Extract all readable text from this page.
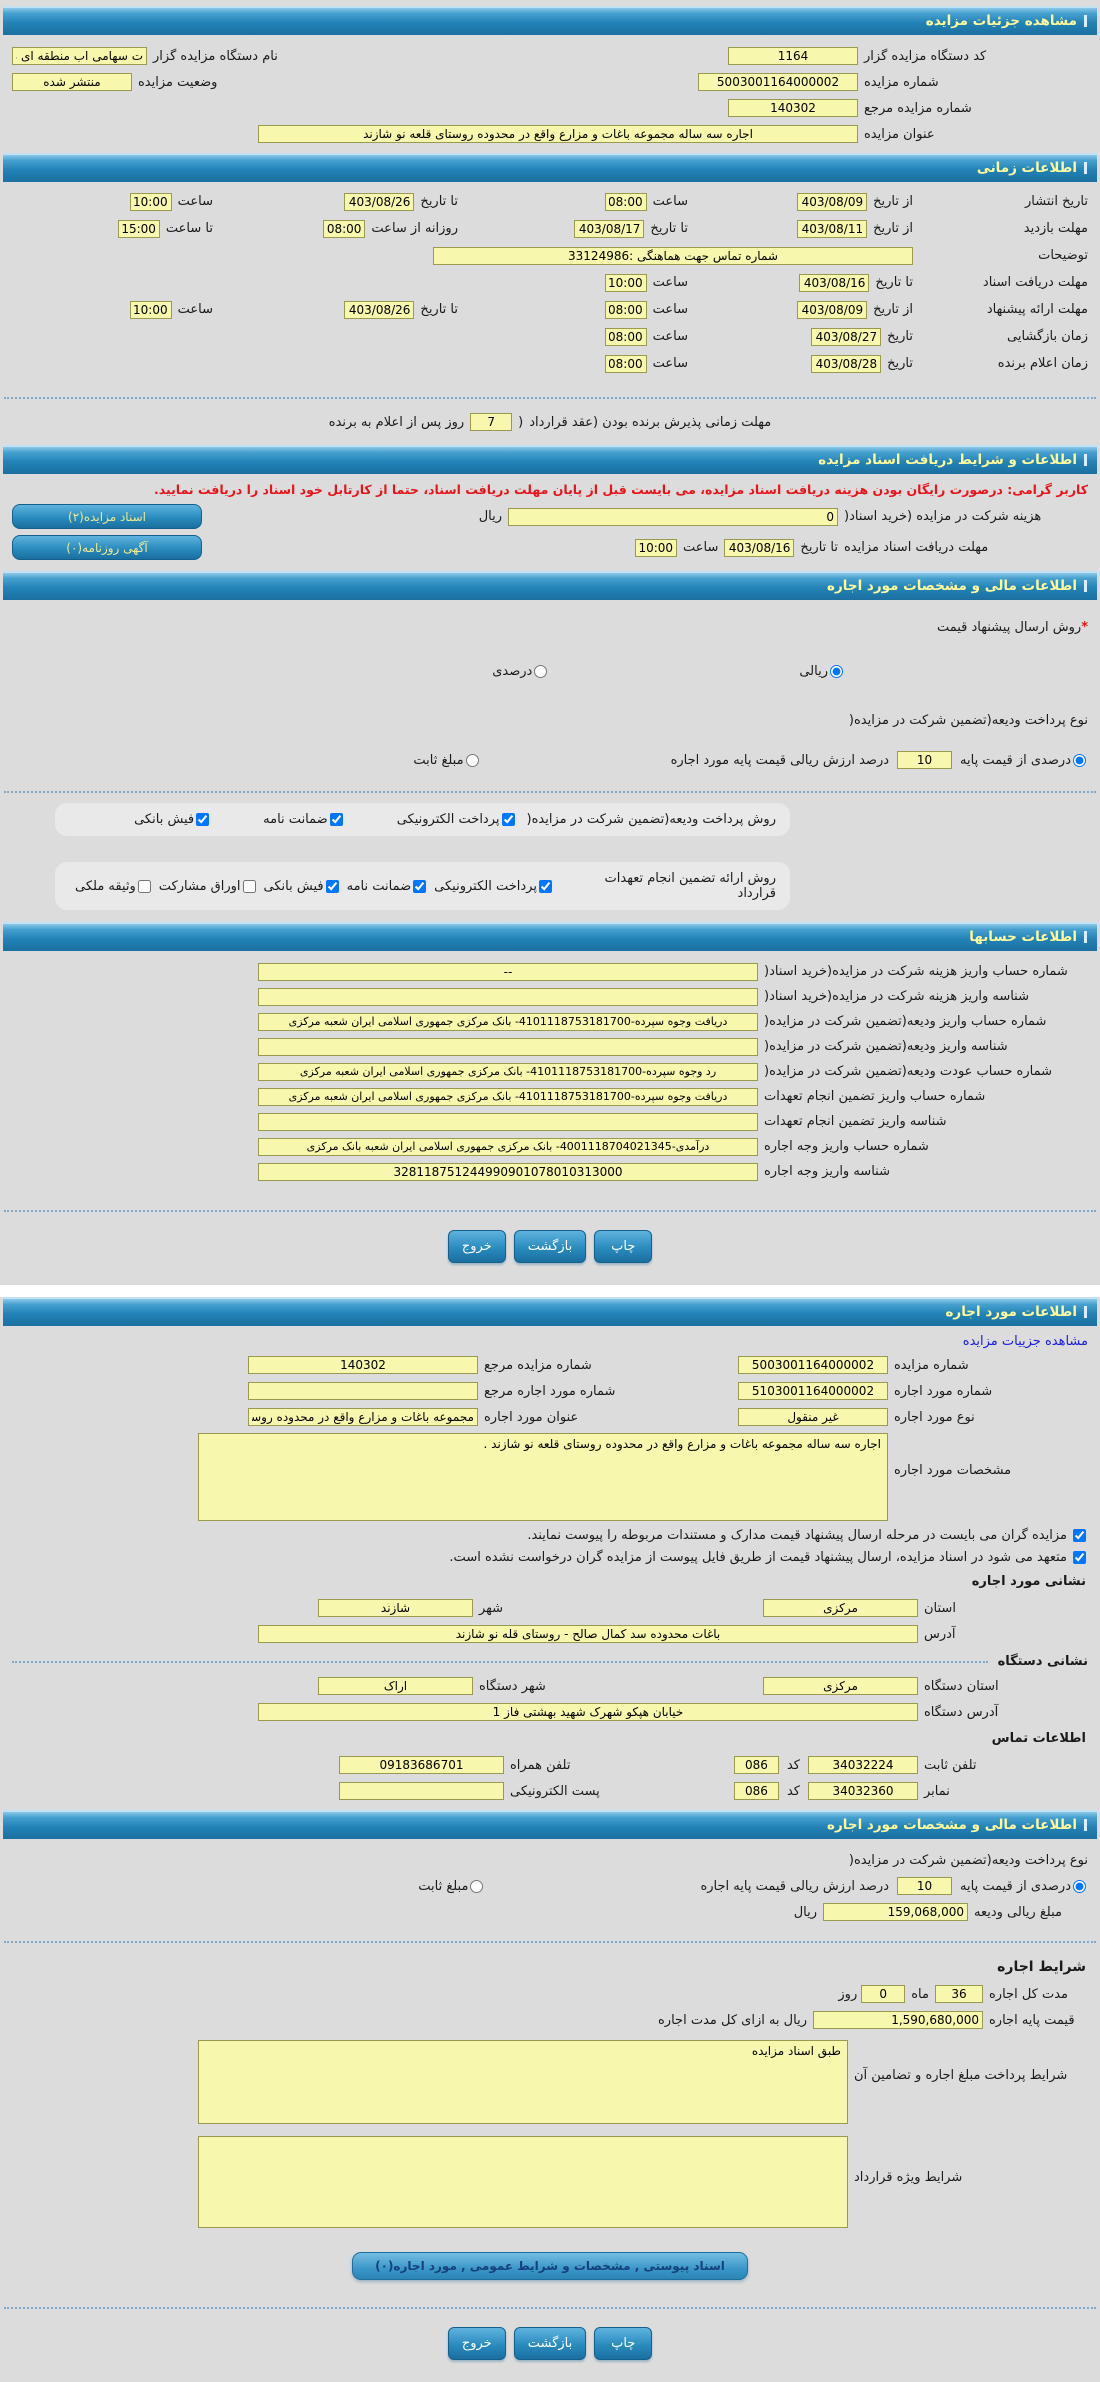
مشاهده جزئیات مزایده
کد دستگاه مزایده گزار
1164
نام دستگاه مزایده گزار
ت سهامی اب منطقه ای م
شماره مزایده
5003001164000002
وضعیت مزایده
منتشر شده
شماره مزایده مرجع
140302
عنوان مزایده
اجاره سه ساله مجموعه باغات و مزارع واقع در محدوده روستای قلعه نو شازند
اطلاعات زمانی
تاریخ انتشار
از تاریخ
1403/08/09
ساعت
08:00
تا تاریخ
1403/08/26
ساعت
10:00
مهلت بازدید
از تاریخ
1403/08/11
تا تاریخ
1403/08/17
روزانه از ساعت
08:00
تا ساعت
15:00
توضیحات
شماره تماس جهت هماهنگی :33124986
مهلت دریافت اسناد
تا تاریخ
1403/08/16
ساعت
10:00
مهلت ارائه پیشنهاد
از تاریخ
1403/08/09
ساعت
08:00
تا تاریخ
1403/08/26
ساعت
10:00
زمان بازگشایی
تاریخ
1403/08/27
ساعت
08:00
زمان اعلام برنده
تاریخ
1403/08/28
ساعت
08:00
مهلت زمانی پذیرش برنده بودن (عقد قرارداد
(
7
روز پس از اعلام به برنده
اطلاعات و شرایط دریافت اسناد مزایده
کاربر گرامی: درصورت رایگان بودن هزینه دریافت اسناد مزایده، می بایست قبل از پایان مهلت دریافت اسناد، حتما از کارتابل خود اسناد را دریافت نمایید.
هزینه شرکت در مزایده (خرید اسناد(
0
ریال
اسناد مزایده(۲)
مهلت دریافت اسناد مزایده
تا تاریخ
1403/08/16
ساعت
10:00
آگهی روزنامه(۰)
اطلاعات مالی و مشخصات مورد اجاره
*
روش ارسال پیشنهاد قیمت
ریالی
درصدی
نوع پرداخت ودیعه(تضمین شرکت در مزایده(
درصدی از قیمت پایه
10
درصد ارزش ریالی قیمت پایه مورد اجاره
مبلغ ثابت
روش پرداخت ودیعه(تضمین شرکت در مزایده(
پرداخت الکترونیکی
ضمانت نامه
فیش بانکی
روش ارائه تضمین انجام تعهدات قرارداد
پرداخت الکترونیکی
ضمانت نامه
فیش بانکی
اوراق مشارکت
وثیقه ملکی
اطلاعات حسابها
شماره حساب واریز هزینه شرکت در مزایده(خرید اسناد(
--
شناسه واریز هزینه شرکت در مزایده(خرید اسناد(
شماره حساب واریز ودیعه(تضمین شرکت در مزایده(
دریافت وجوه سپرده-4101118753181700- بانک مرکزی جمهوری اسلامی ایران شعبه مرکزی
شناسه واریز ودیعه(تضمین شرکت در مزایده(
شماره حساب عودت ودیعه(تضمین شرکت در مزایده(
رد وجوه سپرده-4101118753181700- بانک مرکزی جمهوری اسلامی ایران شعبه مرکزی
شماره حساب واریز تضمین انجام تعهدات
دریافت وجوه سپرده-4101118753181700- بانک مرکزی جمهوری اسلامی ایران شعبه مرکزی
شناسه واریز تضمین انجام تعهدات
شماره حساب واریز وجه اجاره
درآمدی-4001118704021345- بانک مرکزی جمهوری اسلامی ایران شعبه بانک مرکزی
شناسه واریز وجه اجاره
328118751244990901078010313000
چاپ
بازگشت
خروج
اطلاعات مورد اجاره
مشاهده جزییات مزایده
شماره مزایده
5003001164000002
شماره مزایده مرجع
140302
شماره مورد اجاره
5103001164000002
شماره مورد اجاره مرجع
نوع مورد اجاره
غیر منقول
عنوان مورد اجاره
مجموعه باغات و مزارع واقع در محدوده روستای
مشخصات مورد اجاره
اجاره سه ساله مجموعه باغات و مزارع واقع در محدوده روستای قلعه نو شازند .
مزایده گران می بایست در مرحله ارسال پیشنهاد قیمت مدارک و مستندات مربوطه را پیوست نمایند.
متعهد می شود در اسناد مزایده، ارسال پیشنهاد قیمت از طریق فایل پیوست از مزایده گران درخواست نشده است.
نشانی مورد اجاره
استان
مرکزی
شهر
شازند
آدرس
باغات محدوده سد کمال صالح - روستای قله نو شازند
نشانی دستگاه
استان دستگاه
مرکزی
شهر دستگاه
اراک
آدرس دستگاه
خیابان هپکو شهرک شهید بهشتی فاز 1
اطلاعات تماس
تلفن ثابت
34032224
کد
086
تلفن همراه
09183686701
نمابر
34032360
کد
086
پست الکترونیکی
اطلاعات مالی و مشخصات مورد اجاره
نوع پرداخت ودیعه(تضمین شرکت در مزایده(
درصدی از قیمت پایه
10
درصد ارزش ریالی قیمت پایه اجاره
مبلغ ثابت
مبلغ ریالی ودیعه
159,068,000
ریال
شرایط اجاره
مدت کل اجاره
36
ماه
0
روز
قیمت پایه اجاره
1,590,680,000
ریال به ازای کل مدت اجاره
شرایط پرداخت مبلغ اجاره و تضامین آن
طبق اسناد مزایده
شرایط ویژه قرارداد
اسناد پیوستی , مشخصات و شرایط عمومی , مورد اجاره(۰)
چاپ
بازگشت
خروج
